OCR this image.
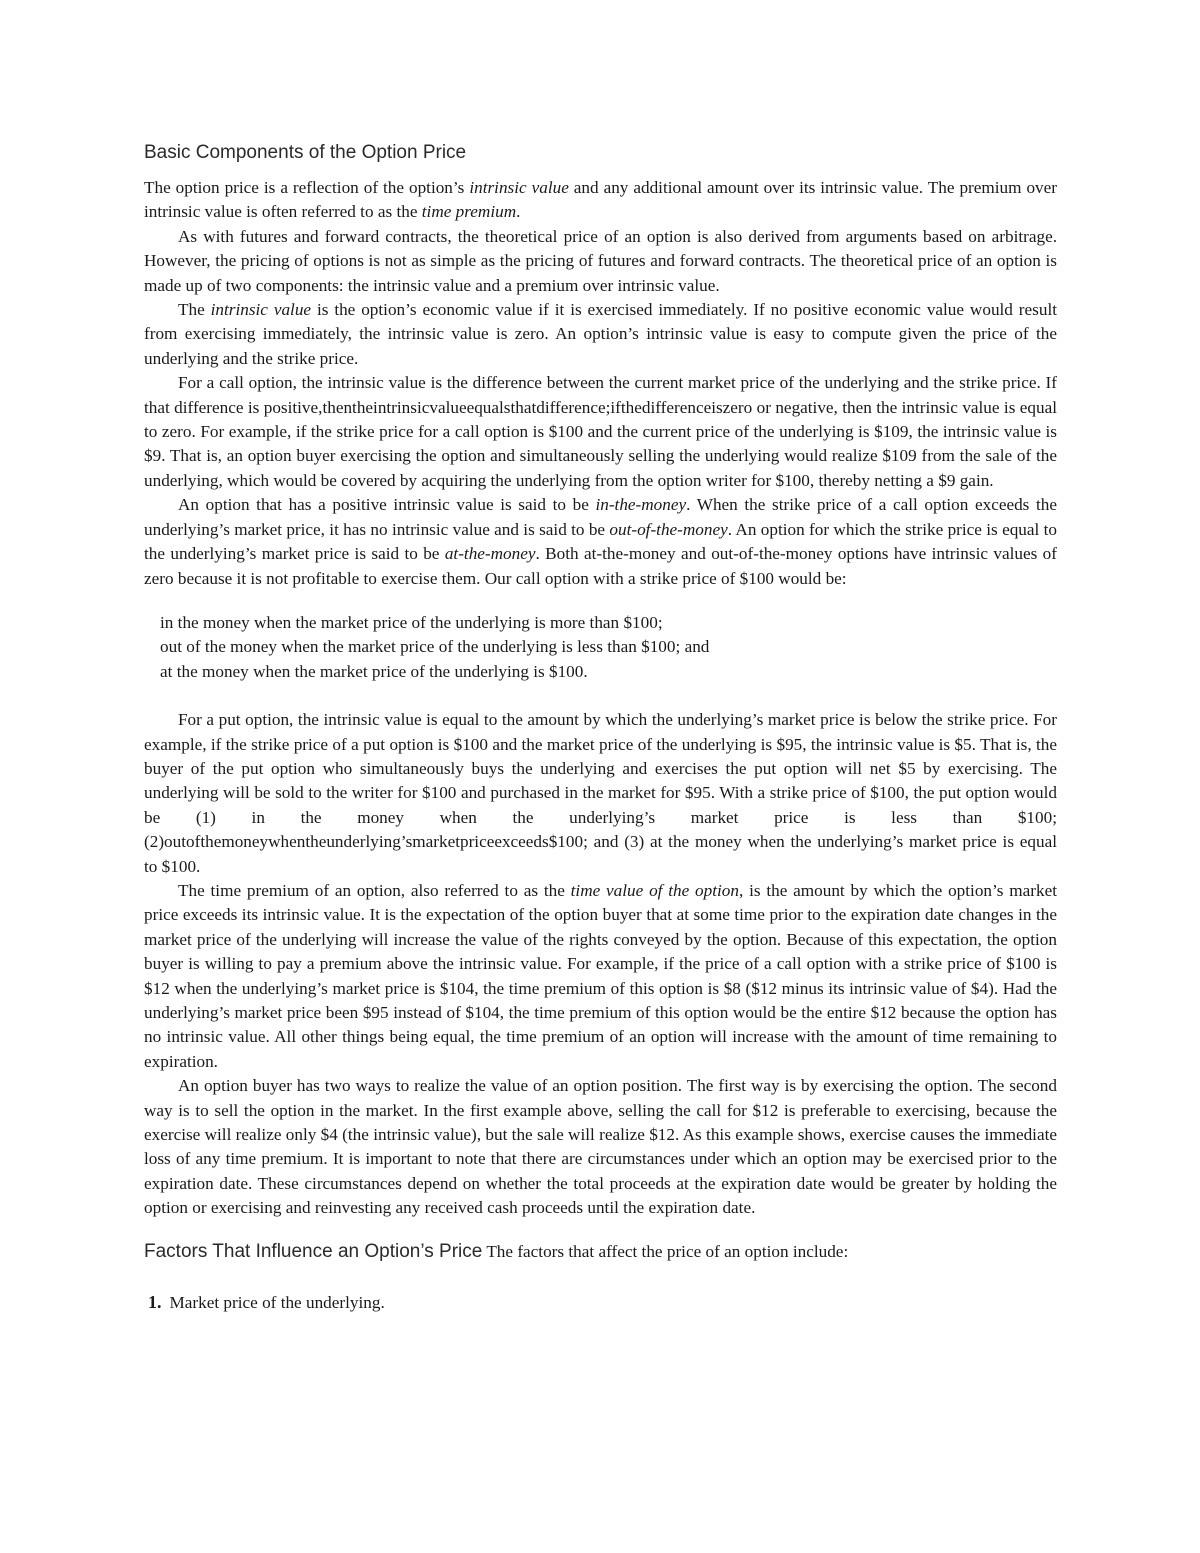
Basic Components of the Option Price

The option price is a reflection of the option’s intrinsic value and any additional amount over its intrinsic value. The premium over intrinsic value is often referred to as the time premium.

As with futures and forward contracts, the theoretical price of an option is also derived from arguments based on arbitrage. However, the pricing of options is not as simple as the pricing of futures and forward contracts. The theoretical price of an option is made up of two components: the intrinsic value and a premium over intrinsic value.

The intrinsic value is the option’s economic value if it is exercised immediately. If no positive economic value would result from exercising immediately, the intrinsic value is zero. An option’s intrinsic value is easy to compute given the price of the underlying and the strike price.

For a call option, the intrinsic value is the difference between the current market price of the underlying and the strike price. If that difference is positive,thentheintrinsicvalueequalsthatdifference;ifthedifferenceiszero or negative, then the intrinsic value is equal to zero. For example, if the strike price for a call option is $100 and the current price of the underlying is $109, the intrinsic value is $9. That is, an option buyer exercising the option and simultaneously selling the underlying would realize $109 from the sale of the underlying, which would be covered by acquiring the underlying from the option writer for $100, thereby netting a $9 gain.

An option that has a positive intrinsic value is said to be in-the-money. When the strike price of a call option exceeds the underlying’s market price, it has no intrinsic value and is said to be out-of-the-money. An option for which the strike price is equal to the underlying’s market price is said to be at-the-money. Both at-the-money and out-of-the-money options have intrinsic values of zero because it is not profitable to exercise them. Our call option with a strike price of $100 would be:

in the money when the market price of the underlying is more than $100;
out of the money when the market price of the underlying is less than $100; and
at the money when the market price of the underlying is $100.

For a put option, the intrinsic value is equal to the amount by which the underlying’s market price is below the strike price. For example, if the strike price of a put option is $100 and the market price of the underlying is $95, the intrinsic value is $5. That is, the buyer of the put option who simultaneously buys the underlying and exercises the put option will net $5 by exercising. The underlying will be sold to the writer for $100 and purchased in the market for $95. With a strike price of $100, the put option would be (1) in the money when the underlying’s market price is less than $100;(2)outofthemoneywhentheunderlying’smarketpriceexceeds$100; and (3) at the money when the underlying’s market price is equal to $100.

The time premium of an option, also referred to as the time value of the option, is the amount by which the option’s market price exceeds its intrinsic value. It is the expectation of the option buyer that at some time prior to the expiration date changes in the market price of the underlying will increase the value of the rights conveyed by the option. Because of this expectation, the option buyer is willing to pay a premium above the intrinsic value. For example, if the price of a call option with a strike price of $100 is $12 when the underlying’s market price is $104, the time premium of this option is $8 ($12 minus its intrinsic value of $4). Had the underlying’s market price been $95 instead of $104, the time premium of this option would be the entire $12 because the option has no intrinsic value. All other things being equal, the time premium of an option will increase with the amount of time remaining to expiration.

An option buyer has two ways to realize the value of an option position. The first way is by exercising the option. The second way is to sell the option in the market. In the first example above, selling the call for $12 is preferable to exercising, because the exercise will realize only $4 (the intrinsic value), but the sale will realize $12. As this example shows, exercise causes the immediate loss of any time premium. It is important to note that there are circumstances under which an option may be exercised prior to the expiration date. These circumstances depend on whether the total proceeds at the expiration date would be greater by holding the option or exercising and reinvesting any received cash proceeds until the expiration date.

Factors That Influence an Option’s Price The factors that affect the price of an option include:
1. Market price of the underlying.
